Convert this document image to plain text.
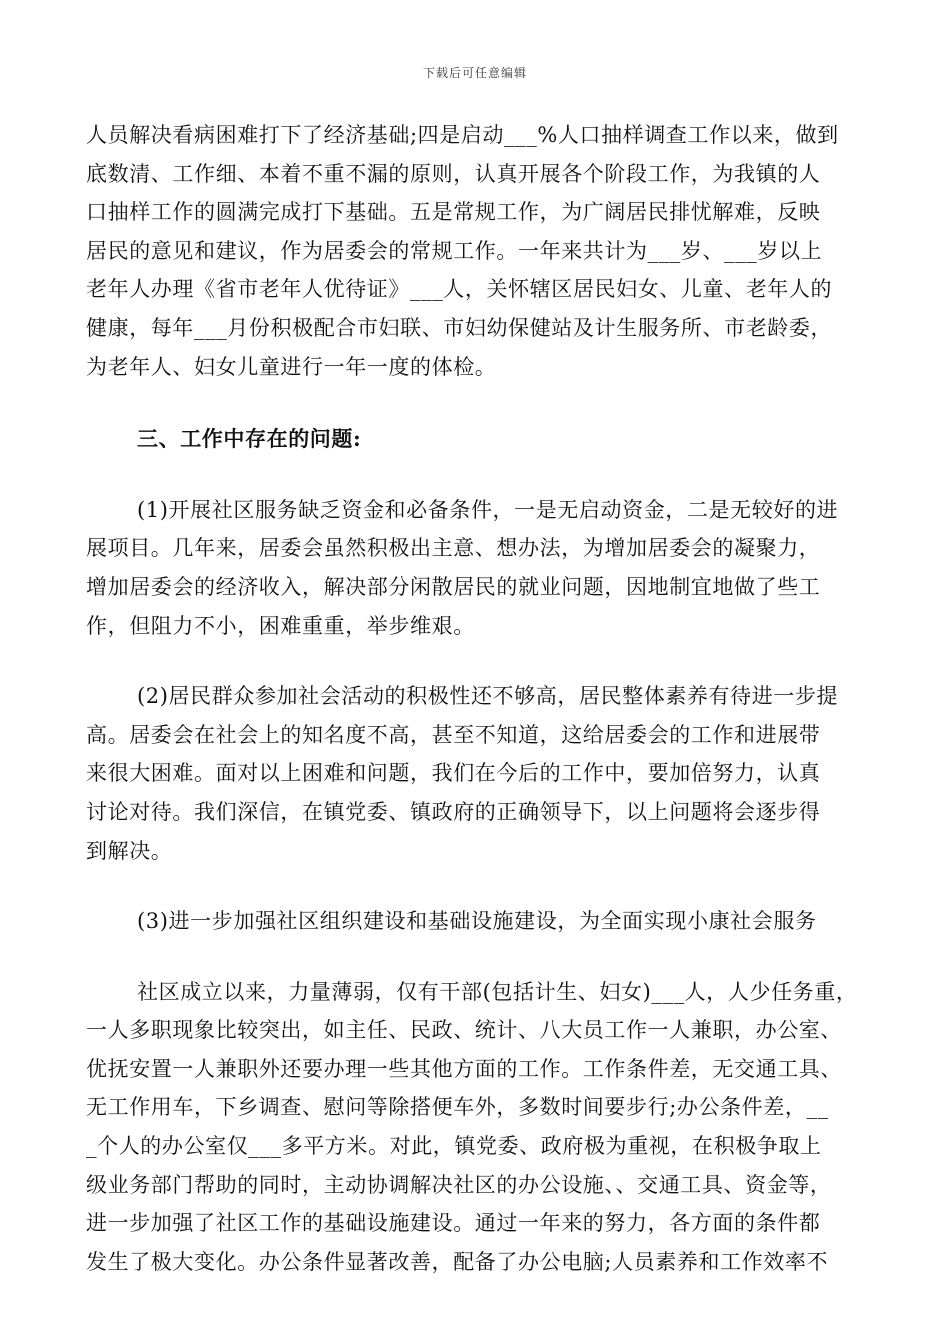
下载后可任意编辑
人员解决看病困难打下了经济基础;四是启动___%人口抽样调查工作以来，做到
底数清、工作细、本着不重不漏的原则，认真开展各个阶段工作，为我镇的人
口抽样工作的圆满完成打下基础。五是常规工作，为广阔居民排忧解难，反映
居民的意见和建议，作为居委会的常规工作。一年来共计为___岁、___岁以上
老年人办理《省市老年人优待证》___人，关怀辖区居民妇女、儿童、老年人的
健康，每年___月份积极配合市妇联、市妇幼保健站及计生服务所、市老龄委，
为老年人、妇女儿童进行一年一度的体检。
三、工作中存在的问题:
(1)开展社区服务缺乏资金和必备条件，一是无启动资金，二是无较好的进
展项目。几年来，居委会虽然积极出主意、想办法，为增加居委会的凝聚力，
增加居委会的经济收入，解决部分闲散居民的就业问题，因地制宜地做了些工
作，但阻力不小，困难重重，举步维艰。
(2)居民群众参加社会活动的积极性还不够高，居民整体素养有待进一步提
高。居委会在社会上的知名度不高，甚至不知道，这给居委会的工作和进展带
来很大困难。面对以上困难和问题，我们在今后的工作中，要加倍努力，认真
讨论对待。我们深信，在镇党委、镇政府的正确领导下，以上问题将会逐步得
到解决。
(3)进一步加强社区组织建设和基础设施建设，为全面实现小康社会服务
社区成立以来，力量薄弱，仅有干部(包括计生、妇女)___人，人少任务重，
一人多职现象比较突出，如主任、民政、统计、八大员工作一人兼职，办公室、
优抚安置一人兼职外还要办理一些其他方面的工作。工作条件差，无交通工具、
无工作用车，下乡调查、慰问等除搭便车外，多数时间要步行;办公条件差，__
_个人的办公室仅___多平方米。对此，镇党委、政府极为重视，在积极争取上
级业务部门帮助的同时，主动协调解决社区的办公设施、、交通工具、资金等，
进一步加强了社区工作的基础设施建设。通过一年来的努力，各方面的条件都
发生了极大变化。办公条件显著改善，配备了办公电脑;人员素养和工作效率不
